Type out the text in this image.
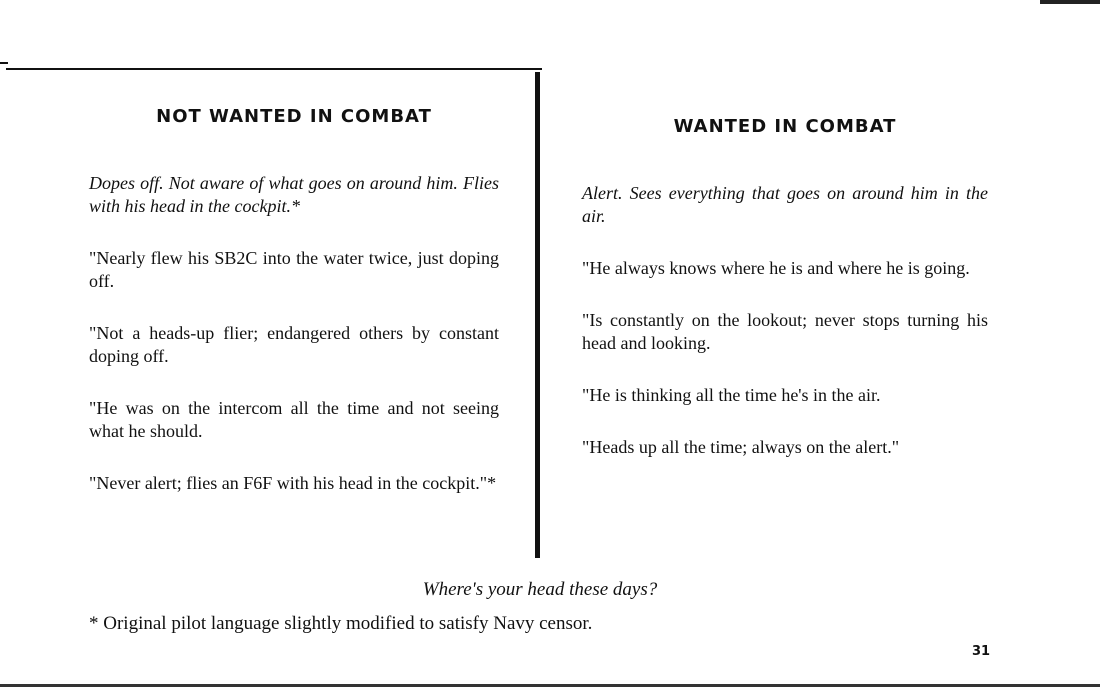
NOT WANTED IN COMBAT

Dopes off. Not aware of what goes on around him. Flies with his head in the cockpit.*

"Nearly flew his SB2C into the water twice, just doping off.

"Not a heads-up flier; endangered others by constant doping off.

"He was on the intercom all the time and not seeing what he should.

"Never alert; flies an F6F with his head in the cockpit."*

WANTED IN COMBAT

Alert. Sees everything that goes on around him in the air.

"He always knows where he is and where he is going.

"Is constantly on the lookout; never stops turning his head and looking.

"He is thinking all the time he's in the air.

"Heads up all the time; always on the alert."

Where's your head these days?
* Original pilot language slightly modified to satisfy Navy censor.
31
